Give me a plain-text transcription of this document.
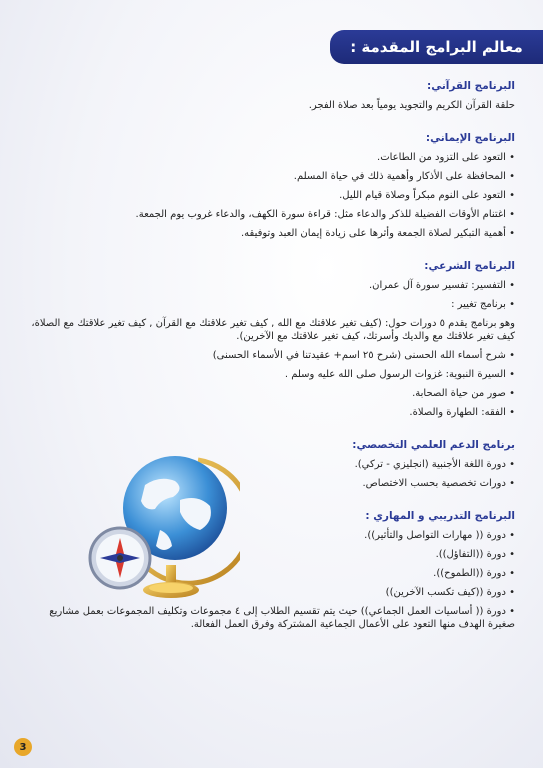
معالم البرامج المقدمة :
البرنامج القرآني:
حلقة القرآن الكريم والتجويد يومياً بعد صلاة الفجر.
البرنامج الإيماني:
• التعود على التزود من الطاعات.
• المحافظة على الأذكار وأهمية ذلك في حياة المسلم.
• التعود على النوم مبكراً وصلاة قيام الليل.
• اغتنام الأوقات الفضيلة للذكر والدعاء مثل: قراءة سورة الكهف، والدعاء غروب يوم الجمعة.
• أهمية التبكير لصلاة الجمعة وأثرها على زيادة إيمان العبد وتوفيقه.
البرنامج الشرعي:
• التفسير: تفسير سورة آل عمران.
• برنامج تغيير :
وهو برنامج يقدم ٥ دورات حول: (كيف تغير علاقتك مع الله , كيف تغير علاقتك مع القرآن , كيف تغير علاقتك مع الصلاة، كيف تغير علاقتك مع والديك وأسرتك، كيف تغير علاقتك مع الآخرين).
• شرح أسماء الله الحسنى (شرح ٢٥ اسم+ عقيدتنا في الأسماء الحسنى)
• السيرة النبوية: غزوات الرسول صلى الله عليه وسلم .
• صور من حياة الصحابة.
• الفقه: الطهارة والصلاة.
برنامج الدعم العلمي التخصصي:
• دورة اللغة الأجنبية (انجليزي - تركي).
• دورات تخصصية بحسب الاختصاص.
البرنامج التدريبي و المهاري :
• دورة (( مهارات التواصل والتأثير)).
• دورة ((التفاؤل)).
• دورة ((الطموح)).
• دورة ((كيف تكسب الآخرين))
• دورة (( أساسيات العمل الجماعي)) حيث يتم تقسيم الطلاب إلى ٤ مجموعات وتكليف المجموعات بعمل مشاريع صغيرة الهدف منها التعود على الأعمال الجماعية المشتركة وفرق العمل الفعالة.
3
